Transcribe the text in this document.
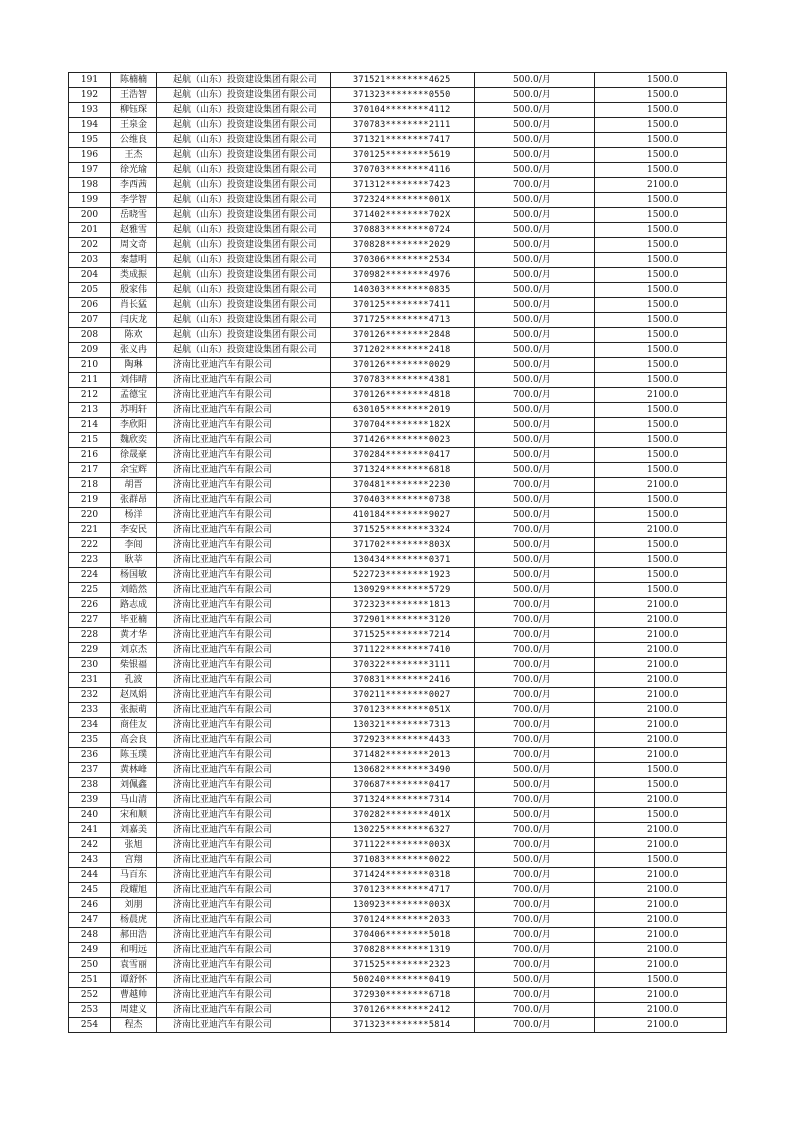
191	陈楠楠	起航（山东）投资建设集团有限公司	371521********4625	500.0/月	1500.0
192	王浩智	起航（山东）投资建设集团有限公司	371323********0550	500.0/月	1500.0
193	柳钰琛	起航（山东）投资建设集团有限公司	370104********4112	500.0/月	1500.0
194	王泉金	起航（山东）投资建设集团有限公司	370783********2111	500.0/月	1500.0
195	公维良	起航（山东）投资建设集团有限公司	371321********7417	500.0/月	1500.0
196	王杰	起航（山东）投资建设集团有限公司	370125********5619	500.0/月	1500.0
197	徐光瑜	起航（山东）投资建设集团有限公司	370703********4116	500.0/月	1500.0
198	李西茜	起航（山东）投资建设集团有限公司	371312********7423	700.0/月	2100.0
199	李学智	起航（山东）投资建设集团有限公司	372324********001X	500.0/月	1500.0
200	岳晓雪	起航（山东）投资建设集团有限公司	371402********702X	500.0/月	1500.0
201	赵雅雪	起航（山东）投资建设集团有限公司	370883********0724	500.0/月	1500.0
202	周文奇	起航（山东）投资建设集团有限公司	370828********2029	500.0/月	1500.0
203	秦慧明	起航（山东）投资建设集团有限公司	370306********2534	500.0/月	1500.0
204	类成振	起航（山东）投资建设集团有限公司	370982********4976	500.0/月	1500.0
205	殷家伟	起航（山东）投资建设集团有限公司	140303********0835	500.0/月	1500.0
206	肖长猛	起航（山东）投资建设集团有限公司	370125********7411	500.0/月	1500.0
207	闫庆龙	起航（山东）投资建设集团有限公司	371725********4713	500.0/月	1500.0
208	陈欢	起航（山东）投资建设集团有限公司	370126********2848	500.0/月	1500.0
209	张义冉	起航（山东）投资建设集团有限公司	371202********2418	500.0/月	1500.0
210	陶琳	济南比亚迪汽车有限公司	370126********0029	500.0/月	1500.0
211	刘伟晴	济南比亚迪汽车有限公司	370783********4381	500.0/月	1500.0
212	孟德宝	济南比亚迪汽车有限公司	370126********4818	700.0/月	2100.0
213	苏明轩	济南比亚迪汽车有限公司	630105********2019	500.0/月	1500.0
214	李欣阳	济南比亚迪汽车有限公司	370704********182X	500.0/月	1500.0
215	魏欣奕	济南比亚迪汽车有限公司	371426********0023	500.0/月	1500.0
216	徐晟豪	济南比亚迪汽车有限公司	370284********0417	500.0/月	1500.0
217	余宝辉	济南比亚迪汽车有限公司	371324********6818	500.0/月	1500.0
218	胡晋	济南比亚迪汽车有限公司	370481********2230	700.0/月	2100.0
219	张群昂	济南比亚迪汽车有限公司	370403********0738	500.0/月	1500.0
220	杨洋	济南比亚迪汽车有限公司	410184********9027	500.0/月	1500.0
221	李安民	济南比亚迪汽车有限公司	371525********3324	700.0/月	2100.0
222	李闾	济南比亚迪汽车有限公司	371702********803X	500.0/月	1500.0
223	耿莘	济南比亚迪汽车有限公司	130434********0371	500.0/月	1500.0
224	杨国敏	济南比亚迪汽车有限公司	522723********1923	500.0/月	1500.0
225	刘皓然	济南比亚迪汽车有限公司	130929********5729	500.0/月	1500.0
226	路志成	济南比亚迪汽车有限公司	372323********1813	700.0/月	2100.0
227	毕亚楠	济南比亚迪汽车有限公司	372901********3120	700.0/月	2100.0
228	黄才华	济南比亚迪汽车有限公司	371525********7214	700.0/月	2100.0
229	刘京杰	济南比亚迪汽车有限公司	371122********7410	700.0/月	2100.0
230	柴银福	济南比亚迪汽车有限公司	370322********3111	700.0/月	2100.0
231	孔波	济南比亚迪汽车有限公司	370831********2416	700.0/月	2100.0
232	赵凤娟	济南比亚迪汽车有限公司	370211********0027	700.0/月	2100.0
233	张振萌	济南比亚迪汽车有限公司	370123********051X	700.0/月	2100.0
234	商佳友	济南比亚迪汽车有限公司	130321********7313	700.0/月	2100.0
235	高会良	济南比亚迪汽车有限公司	372923********4433	700.0/月	2100.0
236	陈玉璞	济南比亚迪汽车有限公司	371482********2013	700.0/月	2100.0
237	黄林峰	济南比亚迪汽车有限公司	130682********3490	500.0/月	1500.0
238	刘佩鑫	济南比亚迪汽车有限公司	370687********0417	500.0/月	1500.0
239	马山清	济南比亚迪汽车有限公司	371324********7314	700.0/月	2100.0
240	宋和顺	济南比亚迪汽车有限公司	370282********401X	500.0/月	1500.0
241	刘嘉美	济南比亚迪汽车有限公司	130225********6327	700.0/月	2100.0
242	张旭	济南比亚迪汽车有限公司	371122********003X	700.0/月	2100.0
243	宫翔	济南比亚迪汽车有限公司	371083********0022	500.0/月	1500.0
244	马百东	济南比亚迪汽车有限公司	371424********0318	700.0/月	2100.0
245	段耀旭	济南比亚迪汽车有限公司	370123********4717	700.0/月	2100.0
246	刘朋	济南比亚迪汽车有限公司	130923********003X	700.0/月	2100.0
247	杨晨虎	济南比亚迪汽车有限公司	370124********2033	700.0/月	2100.0
248	郝田浩	济南比亚迪汽车有限公司	370406********5018	700.0/月	2100.0
249	和明远	济南比亚迪汽车有限公司	370828********1319	700.0/月	2100.0
250	袁雪丽	济南比亚迪汽车有限公司	371525********2323	700.0/月	2100.0
251	谭舒怀	济南比亚迪汽车有限公司	500240********0419	500.0/月	1500.0
252	曹越帅	济南比亚迪汽车有限公司	372930********6718	700.0/月	2100.0
253	周建义	济南比亚迪汽车有限公司	370126********2412	700.0/月	2100.0
254	程杰	济南比亚迪汽车有限公司	371323********5814	700.0/月	2100.0
